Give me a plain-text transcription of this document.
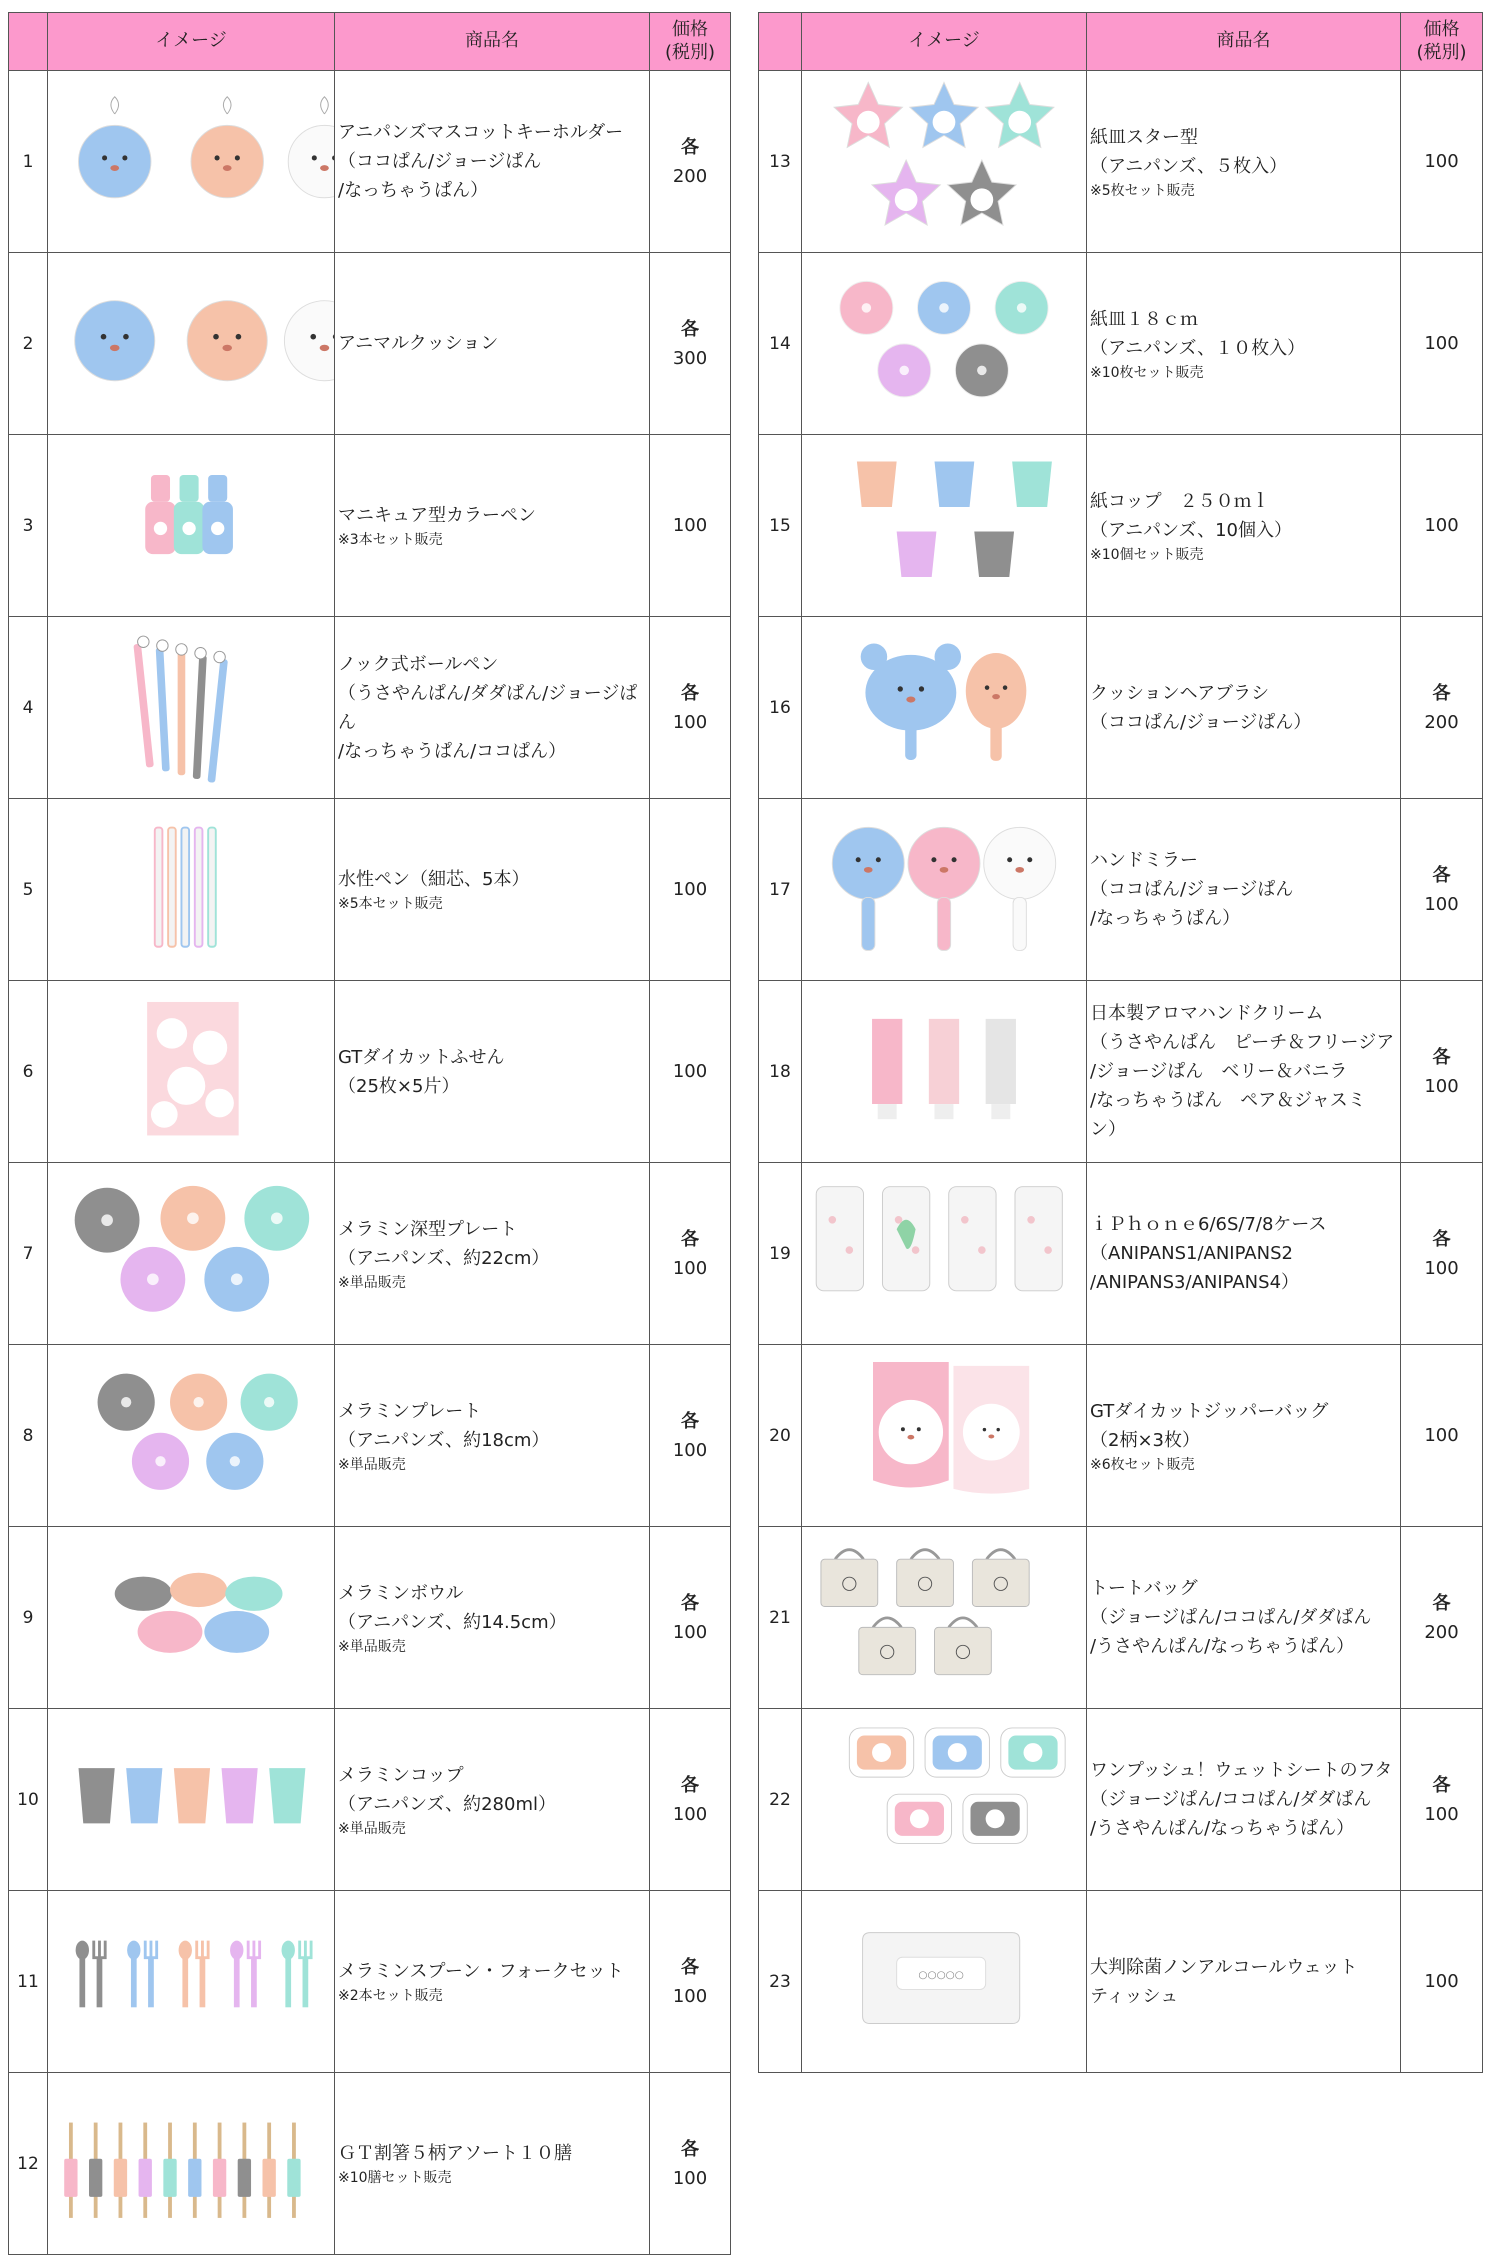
	イメージ	商品名	価格
(税別)
1		アニパンズマスコットキーホルダー
（ココぱん/ジョージぱん
/なっちゃうぱん）	各
200
2		アニマルクッション	各
300
3		マニキュア型カラーペン
※3本セット販売	100
4		ノック式ボールペン
（うさやんぱん/ダダぱん/ジョージぱん
/なっちゃうぱん/ココぱん）	各
100
5		水性ペン（細芯、5本）
※5本セット販売	100
6		GTダイカットふせん
（25枚×5片）	100
7		メラミン深型プレート
（アニパンズ、約22cm）
※単品販売	各
100
8		メラミンプレート
（アニパンズ、約18cm）
※単品販売	各
100
9		メラミンボウル
（アニパンズ、約14.5cm）
※単品販売	各
100
10		メラミンコップ
（アニパンズ、約280ml）
※単品販売	各
100
11		メラミンスプーン・フォークセット
※2本セット販売	各
100
12		ＧＴ割箸５柄アソート１０膳
※10膳セット販売	各
100
	イメージ	商品名	価格
(税別)
13		紙皿スター型
（アニパンズ、５枚入）
※5枚セット販売	100
14		紙皿１８ｃｍ
（アニパンズ、１０枚入）
※10枚セット販売	100
15		紙コップ　２５０ｍｌ
（アニパンズ、10個入）
※10個セット販売	100
16		クッションヘアブラシ
（ココぱん/ジョージぱん）	各
200
17		ハンドミラー
（ココぱん/ジョージぱん
/なっちゃうぱん）	各
100
18		日本製アロマハンドクリーム
（うさやんぱん　ピーチ＆フリージア
/ジョージぱん　ベリー＆バニラ
/なっちゃうぱん　ペア＆ジャスミ
ン）	各
100
19		ｉＰｈｏｎｅ6/6S/7/8ケース
（ANIPANS1/ANIPANS2
/ANIPANS3/ANIPANS4）	各
100
20		GTダイカットジッパーバッグ
（2柄×3枚）
※6枚セット販売	100
21		トートバッグ
（ジョージぱん/ココぱん/ダダぱん
/うさやんぱん/なっちゃうぱん）	各
200
22		ワンプッシュ！ウェットシートのフタ
（ジョージぱん/ココぱん/ダダぱん
/うさやんぱん/なっちゃうぱん）	各
100
23	○○○○○	大判除菌ノンアルコールウェット
ティッシュ	100
